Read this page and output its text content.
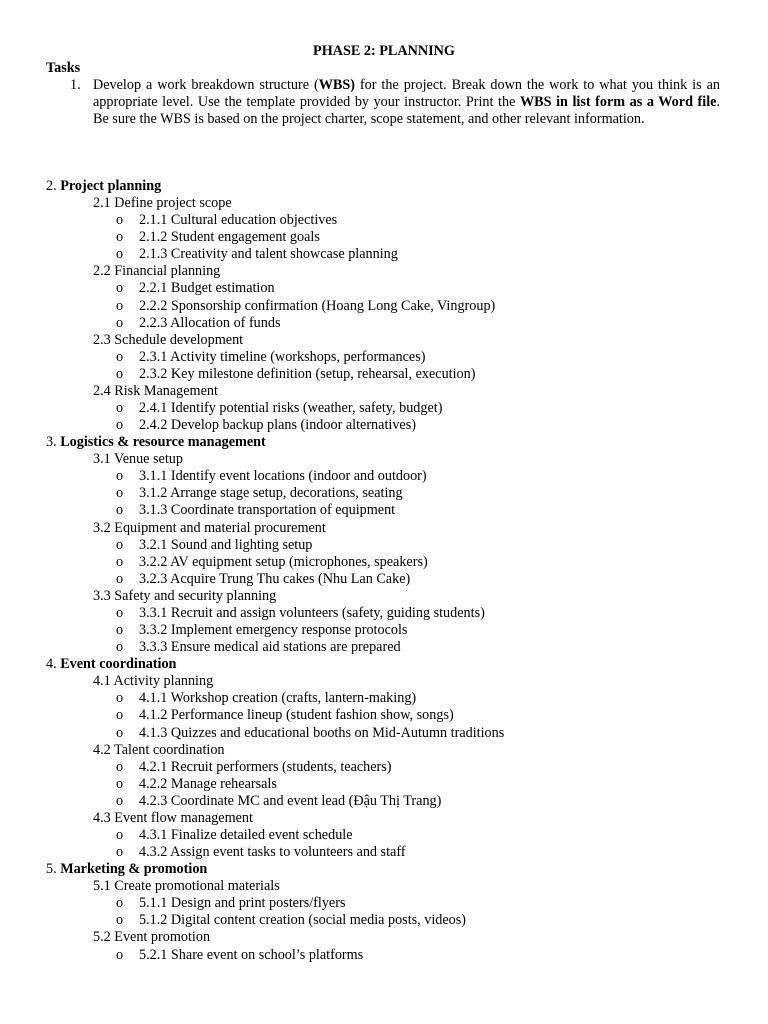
PHASE 2: PLANNING
Tasks
1. Develop a work breakdown structure (WBS) for the project. Break down the work to what you think is an appropriate level. Use the template provided by your instructor. Print the WBS in list form as a Word file. Be sure the WBS is based on the project charter, scope statement, and other relevant information.
2. Project planning
2.1 Define project scope
o 2.1.1 Cultural education objectives
o 2.1.2 Student engagement goals
o 2.1.3 Creativity and talent showcase planning
2.2 Financial planning
o 2.2.1 Budget estimation
o 2.2.2 Sponsorship confirmation (Hoang Long Cake, Vingroup)
o 2.2.3 Allocation of funds
2.3 Schedule development
o 2.3.1 Activity timeline (workshops, performances)
o 2.3.2 Key milestone definition (setup, rehearsal, execution)
2.4 Risk Management
o 2.4.1 Identify potential risks (weather, safety, budget)
o 2.4.2 Develop backup plans (indoor alternatives)
3. Logistics & resource management
3.1 Venue setup
o 3.1.1 Identify event locations (indoor and outdoor)
o 3.1.2 Arrange stage setup, decorations, seating
o 3.1.3 Coordinate transportation of equipment
3.2 Equipment and material procurement
o 3.2.1 Sound and lighting setup
o 3.2.2 AV equipment setup (microphones, speakers)
o 3.2.3 Acquire Trung Thu cakes (Nhu Lan Cake)
3.3 Safety and security planning
o 3.3.1 Recruit and assign volunteers (safety, guiding students)
o 3.3.2 Implement emergency response protocols
o 3.3.3 Ensure medical aid stations are prepared
4. Event coordination
4.1 Activity planning
o 4.1.1 Workshop creation (crafts, lantern-making)
o 4.1.2 Performance lineup (student fashion show, songs)
o 4.1.3 Quizzes and educational booths on Mid-Autumn traditions
4.2 Talent coordination
o 4.2.1 Recruit performers (students, teachers)
o 4.2.2 Manage rehearsals
o 4.2.3 Coordinate MC and event lead (Đậu Thị Trang)
4.3 Event flow management
o 4.3.1 Finalize detailed event schedule
o 4.3.2 Assign event tasks to volunteers and staff
5. Marketing & promotion
5.1 Create promotional materials
o 5.1.1 Design and print posters/flyers
o 5.1.2 Digital content creation (social media posts, videos)
5.2 Event promotion
o 5.2.1 Share event on school’s platforms
